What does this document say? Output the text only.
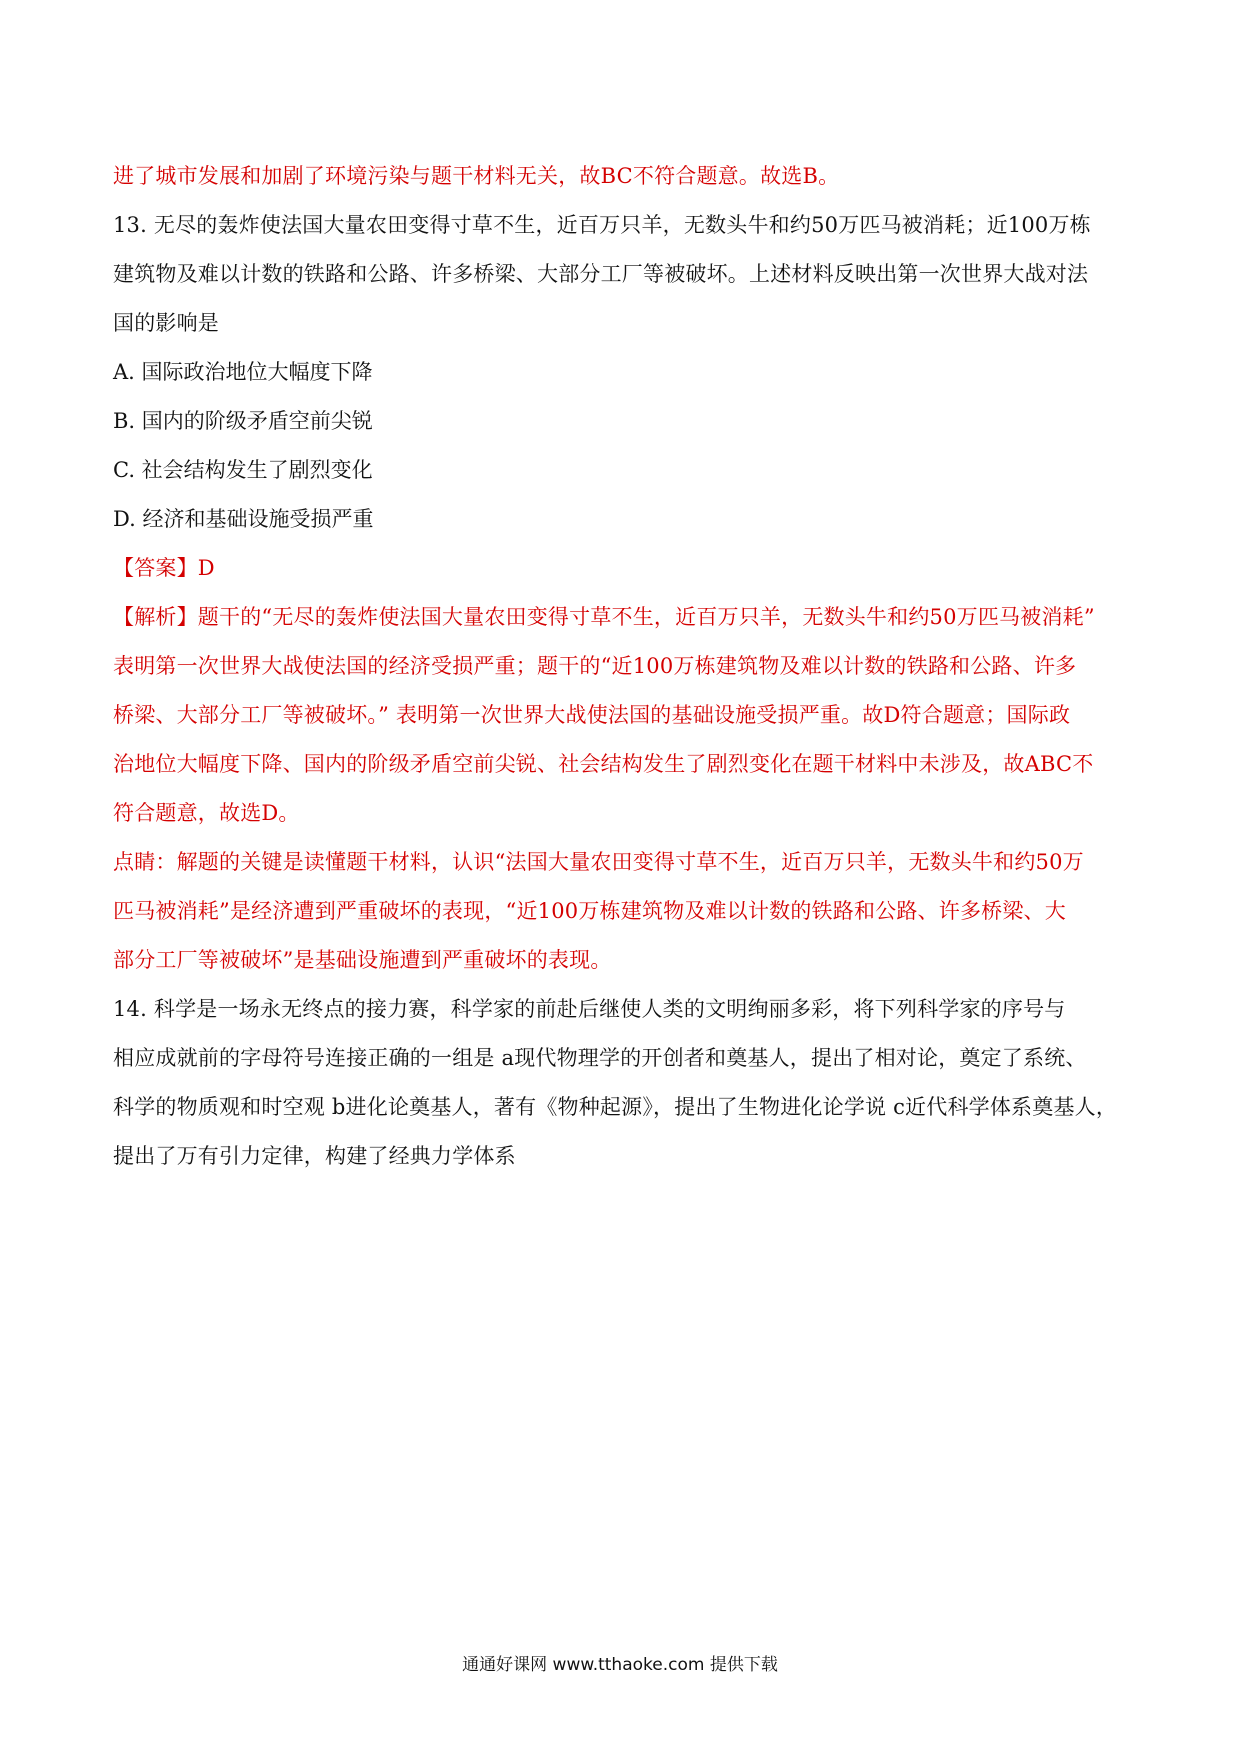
进了城市发展和加剧了环境污染与题干材料无关，故BC不符合题意。故选B。
13. 无尽的轰炸使法国大量农田变得寸草不生，近百万只羊，无数头牛和约50万匹马被消耗；近100万栋
建筑物及难以计数的铁路和公路、许多桥梁、大部分工厂等被破坏。上述材料反映出第一次世界大战对法
国的影响是
A. 国际政治地位大幅度下降
B. 国内的阶级矛盾空前尖锐
C. 社会结构发生了剧烈变化
D. 经济和基础设施受损严重
【答案】D
【解析】题干的“无尽的轰炸使法国大量农田变得寸草不生，近百万只羊，无数头牛和约50万匹马被消耗”
表明第一次世界大战使法国的经济受损严重；题干的“近100万栋建筑物及难以计数的铁路和公路、许多
桥梁、大部分工厂等被破坏。” 表明第一次世界大战使法国的基础设施受损严重。故D符合题意；国际政
治地位大幅度下降、国内的阶级矛盾空前尖锐、社会结构发生了剧烈变化在题干材料中未涉及，故ABC不
符合题意，故选D。
点睛：解题的关键是读懂题干材料，认识“法国大量农田变得寸草不生，近百万只羊，无数头牛和约50万
匹马被消耗”是经济遭到严重破坏的表现，“近100万栋建筑物及难以计数的铁路和公路、许多桥梁、大
部分工厂等被破坏”是基础设施遭到严重破坏的表现。
14. 科学是一场永无终点的接力赛，科学家的前赴后继使人类的文明绚丽多彩，将下列科学家的序号与
相应成就前的字母符号连接正确的一组是 a现代物理学的开创者和奠基人，提出了相对论，奠定了系统、
科学的物质观和时空观 b进化论奠基人，著有《物种起源》，提出了生物进化论学说 c近代科学体系奠基人，
提出了万有引力定律，构建了经典力学体系
通通好课网 www.tthaoke.com 提供下载
